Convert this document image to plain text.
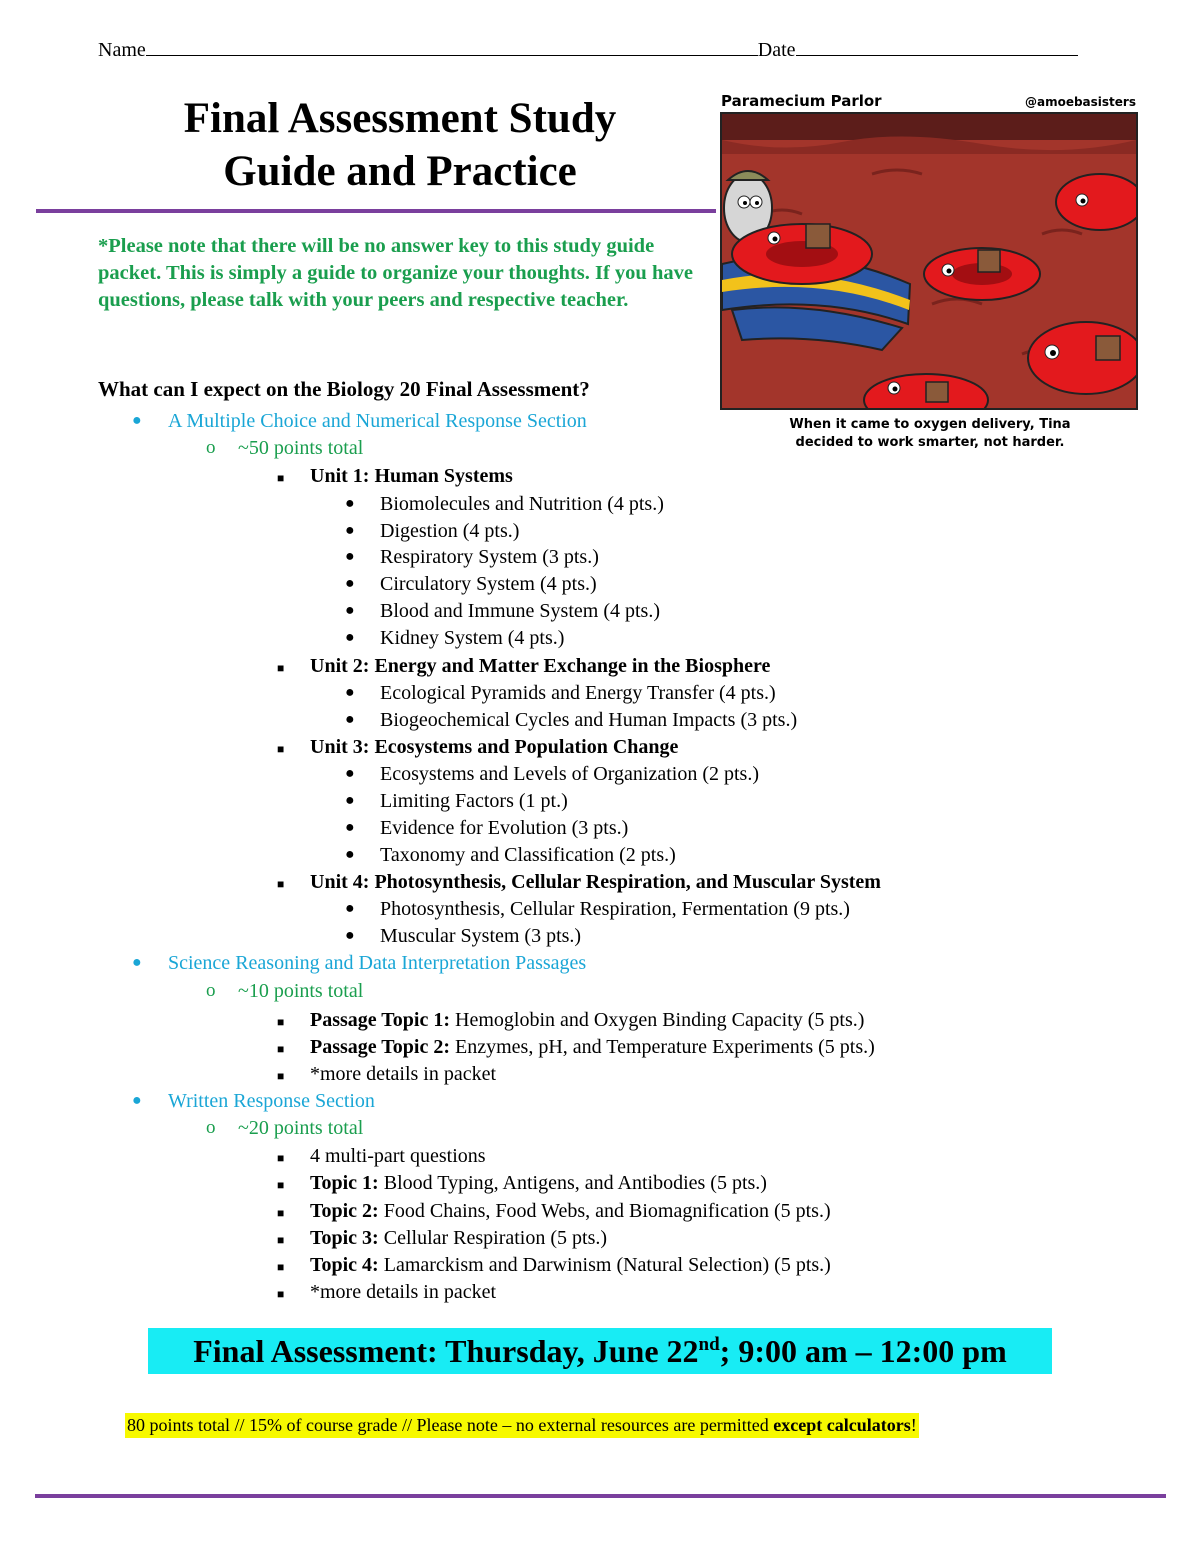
Name	Date
Final Assessment Study
Guide and Practice
*Please note that there will be no answer key to this study guide packet. This is simply a guide to organize your thoughts. If you have questions, please talk with your peers and respective teacher.
Paramecium Parlor	@amoebasisters
When it came to oxygen delivery, Tina
decided to work smarter, not harder.
What can I expect on the Biology 20 Final Assessment?
● A Multiple Choice and Numerical Response Section
o ~50 points total
■ Unit 1: Human Systems
● Biomolecules and Nutrition (4 pts.)
● Digestion (4 pts.)
● Respiratory System (3 pts.)
● Circulatory System (4 pts.)
● Blood and Immune System (4 pts.)
● Kidney System (4 pts.)
■ Unit 2: Energy and Matter Exchange in the Biosphere
● Ecological Pyramids and Energy Transfer (4 pts.)
● Biogeochemical Cycles and Human Impacts (3 pts.)
■ Unit 3: Ecosystems and Population Change
● Ecosystems and Levels of Organization (2 pts.)
● Limiting Factors (1 pt.)
● Evidence for Evolution (3 pts.)
● Taxonomy and Classification (2 pts.)
■ Unit 4: Photosynthesis, Cellular Respiration, and Muscular System
● Photosynthesis, Cellular Respiration, Fermentation (9 pts.)
● Muscular System (3 pts.)
● Science Reasoning and Data Interpretation Passages
o ~10 points total
■ Passage Topic 1: Hemoglobin and Oxygen Binding Capacity (5 pts.)
■ Passage Topic 2: Enzymes, pH, and Temperature Experiments (5 pts.)
■ *more details in packet
● Written Response Section
o ~20 points total
■ 4 multi-part questions
■ Topic 1: Blood Typing, Antigens, and Antibodies (5 pts.)
■ Topic 2: Food Chains, Food Webs, and Biomagnification (5 pts.)
■ Topic 3: Cellular Respiration (5 pts.)
■ Topic 4: Lamarckism and Darwinism (Natural Selection) (5 pts.)
■ *more details in packet
Final Assessment: Thursday, June 22nd; 9:00 am – 12:00 pm
80 points total // 15% of course grade // Please note – no external resources are permitted except calculators!
